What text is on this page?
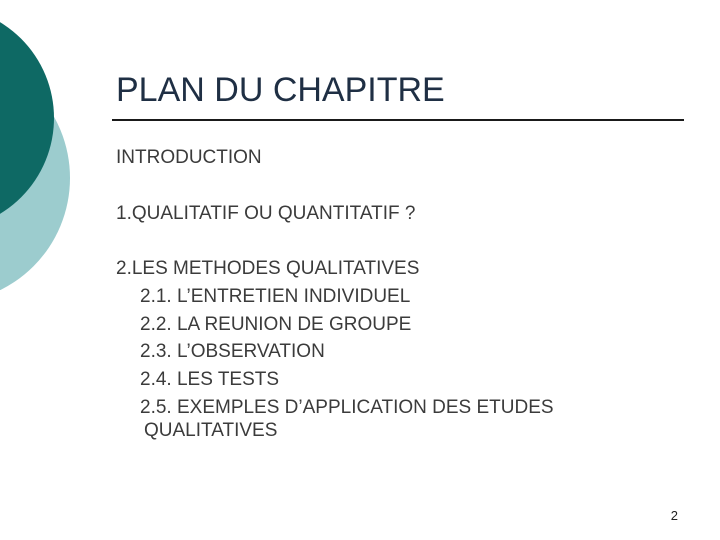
PLAN DU CHAPITRE
INTRODUCTION
1.QUALITATIF OU QUANTITATIF ?
2.LES METHODES QUALITATIVES
2.1. L’ENTRETIEN INDIVIDUEL
2.2. LA REUNION DE GROUPE
2.3. L’OBSERVATION
2.4. LES TESTS
2.5. EXEMPLES D’APPLICATION DES ETUDES
QUALITATIVES
2
